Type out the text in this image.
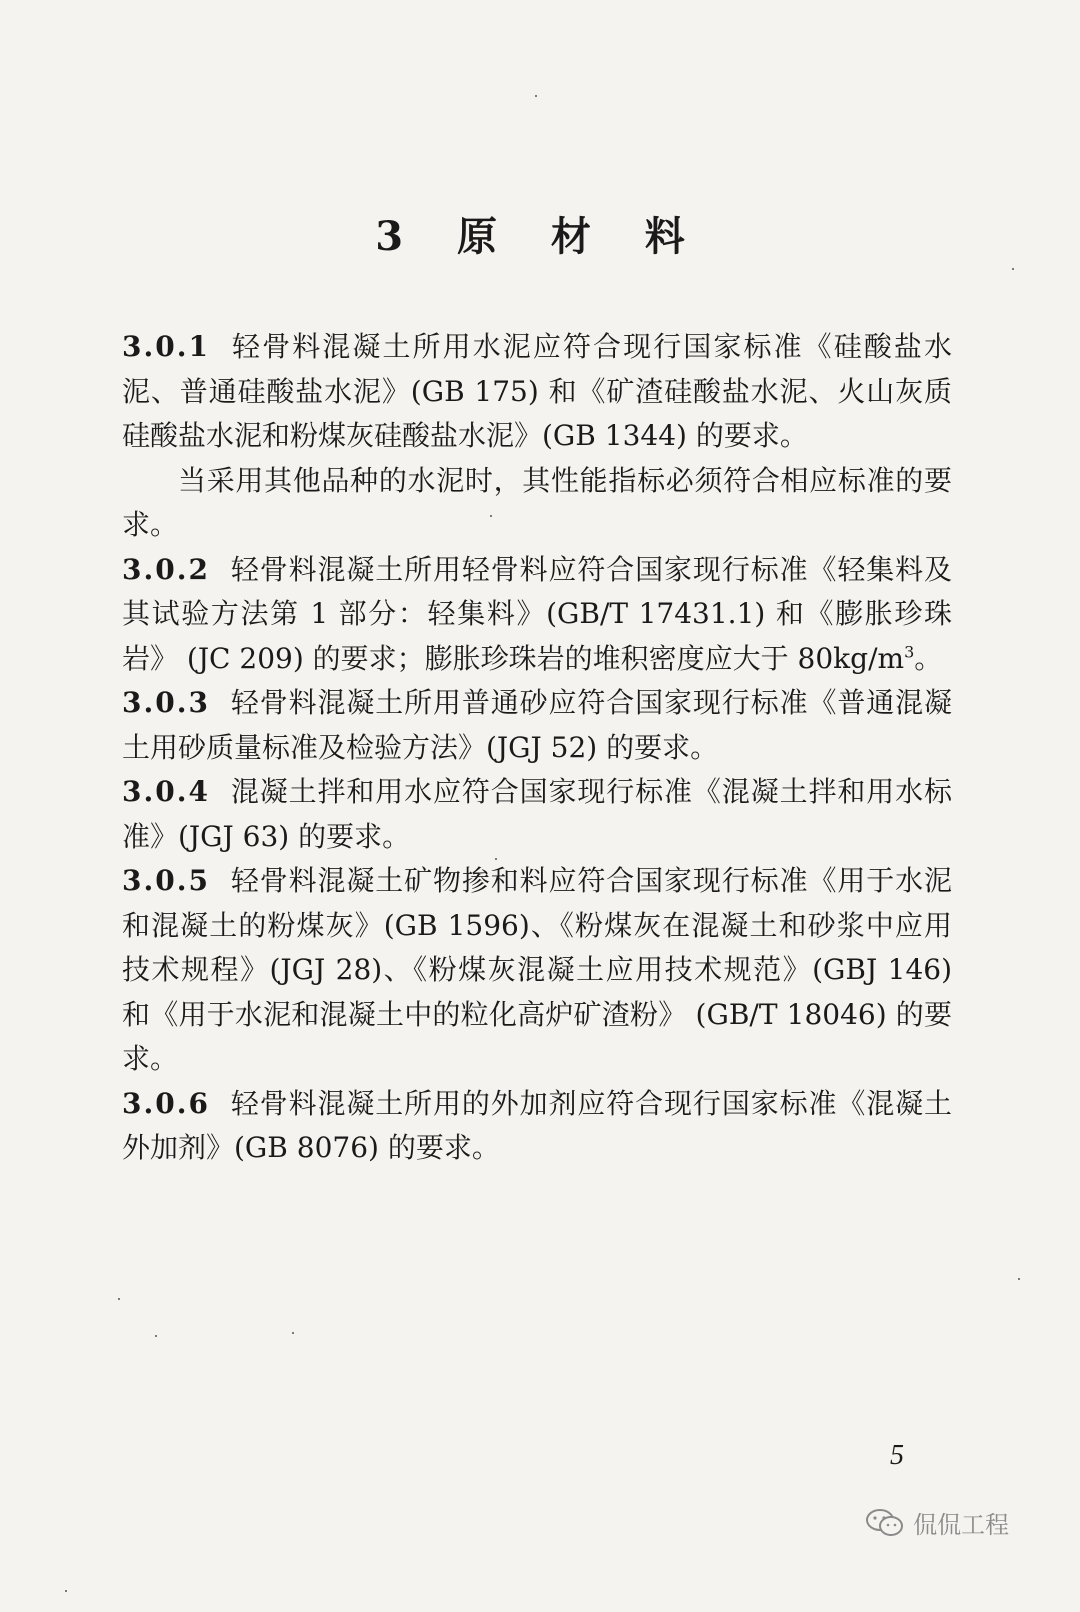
3 原 材 料

3.0.1 轻骨料混凝土所用水泥应符合现行国家标准《硅酸盐水泥、普通硅酸盐水泥》(GB 175) 和《矿渣硅酸盐水泥、火山灰质硅酸盐水泥和粉煤灰硅酸盐水泥》(GB 1344) 的要求。

当采用其他品种的水泥时，其性能指标必须符合相应标准的要求。

3.0.2 轻骨料混凝土所用轻骨料应符合国家现行标准《轻集料及其试验方法第 1 部分：轻集料》(GB/T 17431.1) 和《膨胀珍珠岩》 (JC 209) 的要求；膨胀珍珠岩的堆积密度应大于 $80kg/m^3$。

3.0.3 轻骨料混凝土所用普通砂应符合国家现行标准《普通混凝土用砂质量标准及检验方法》(JGJ 52) 的要求。

3.0.4 混凝土拌和用水应符合国家现行标准《混凝土拌和用水标准》(JGJ 63) 的要求。

3.0.5 轻骨料混凝土矿物掺和料应符合国家现行标准《用于水泥和混凝土的粉煤灰》(GB 1596)、《粉煤灰在混凝土和砂浆中应用技术规程》(JGJ 28)、《粉煤灰混凝土应用技术规范》(GBJ 146) 和《用于水泥和混凝土中的粒化高炉矿渣粉》 (GB/T 18046) 的要求。

3.0.6 轻骨料混凝土所用的外加剂应符合现行国家标准《混凝土外加剂》(GB 8076) 的要求。

5
侃侃工程
